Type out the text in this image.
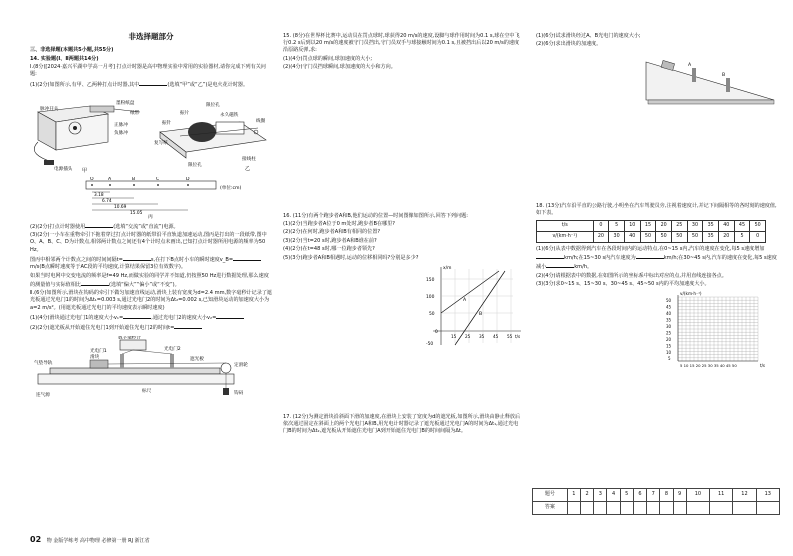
非选择题部分

三、非选择题(本题共5小题,共55分)

14. 实验题(Ⅰ、Ⅱ两题共14分)

Ⅰ.(8分)[2024·嘉兴平湖中学高一月考] 打点计时器是高中物理实验中常用的实验器材,请你完成下列有关问题:

(1)(2分)如图所示,有甲、乙两种打点计时器,其中	(选填“甲”或“乙”)是电火花计时器。

脉冲开关
墨粉纸盘
正脉冲
负脉冲
纸带
电源插头 甲
限位孔
永久磁铁
振片
振针	线圈
复写纸
限位孔
接线柱
乙
O	A	B	C	D
3.18
6.74
10.69
15.05
(单位:cm)
丙

(2)(2分)打点计时器使用	(选填“交流”或“直流”)电源。

(3)(2分)一小车在重物牵引下拖着穿过打点计时器的纸带沿平直轨道加速运动,图丙是打出的一段纸带,图中O、A、B、C、D为计数点,相邻两计数点之间还有4个计时点未画出,已知打点计时器所用电源的频率为50 Hz。

图丙中相邻两个计数点之间的时间间隔t=	s,在打下B点时小车的瞬时速度v_B=m/s(B点瞬时速度等于AC段的平均速度,计算结果保留3位有效数字)。

如果当时电网中交变电流的频率是f=49 Hz,而做实验的同学并不知道,仍按照50 Hz进行数据处理,那么速度的测量值与实际值相比	(选填“偏大”“偏小”或“不变”)。

Ⅱ.(6分)如图所示,滑块在钩码的牵引下做匀加速直线运动,滑块上装有宽度为d=2.4 mm,数字毫秒计记录了遮光板通过光电门1的时间为Δt₁=0.003 s,通过光电门2的时间为Δt₂=0.002 s,已知滑块运动的加速度大小为a=2 m/s²。(用遮光板通过光电门的平均速度表示瞬时速度)

(1)(4分)滑块通过光电门1的速度大小v₁=	,通过光电门2的速度大小v₂=

(2)(2分)遮光板从开始遮住光电门1到开始遮住光电门2的时间t=

数字毫秒计
光电门1	光电门2
气垫导轨
滑块	遮光板
标尺
定滑轮
钩码
连气源

15. (8分)在世界杯比赛中,运动员在罚点球时,球获得20 m/s的速度,设脚与球作用时间为0.1 s,球在空中飞行0.2 s后到以20 m/s的速度被守门员挡出,守门员双手与球接触时间为0.1 s,且被挡出后以20 m/s的速度沿原路反弹,求:

(1)(4分)罚点球的瞬间,球加速度的大小;

(2)(4分)守门员挡球瞬间,球加速度的大小和方向。

16. (11分)有两个跑步者A和B,他们运动的位置—时间图像如图所示,回答下列问题:

(1)(2分)当跑步者A位于0 m处时,跑步者B在哪里?

(2)(2分)在何时,跑步者A和B有相同的位置?

(3)(2分)当t=20 s时,跑步者A和B谁在前?

(4)(2分)在t=48 s时,哪一位跑步者领先?

(5)(3分)跑步者A和B相遇时,运动的位移相同吗?分别是多少?

x/m
150
100
50
0
-50
15 25 35 45 55 t/s
A
B

17. (12分)为测定滑块沿斜面下滑的加速度,在滑块上安装了宽度为d的遮光板,如图所示,滑块由静止释放后依次通过固定在斜面上的两个光电门A和B,用光电计时器记录了遮光板通过光电门A的时间为Δt₁,通过光电门B的时间为Δt₂,遮光板从开始遮住光电门A到开始遮住光电门B的时间间隔为Δt。

(1)(6分)试求滑块经过A、B光电门的速度大小;

(2)(6分)求出滑块的加速度。

A
B

18. (13分)汽车沿平直的公路行驶,小明坐在汽车驾驶员旁,注视着速度计,并记下间隔相等的各时刻的速度值,如下表。

t/s	0	5	10	15	20	25	30	35	40	45	50
v/(km·h⁻¹)	20	30	40	50	50	50	50	35	20	5	0

(1)(6分)从表中数据得到汽车在各段时间内的运动特点,在0~15 s内,汽车的速度在变化,每5 s速度增加km/h;在15~30 s内汽车速度为	km/h;在30~45 s内,汽车的速度在变化,每5 s速度减小	km/h。

(2)(4分)请根据表中的数据,在如图所示的坐标系中标出对应的点,并用直线连接各点。

(3)(3分)求0~15 s、15~30 s、30~45 s、45~50 s内的平均加速度大小。

v/(km·h⁻¹)
50
45
40
35
30
25
20
15
10
5
5 10 15 20 25 30 35 40 45 50	t/s
题号	1	2	3	4	5	6	7	8	9	10	11	12	13
答案													
02 物 金版学练考 高中物理 必修第一册 RJ 浙江省
